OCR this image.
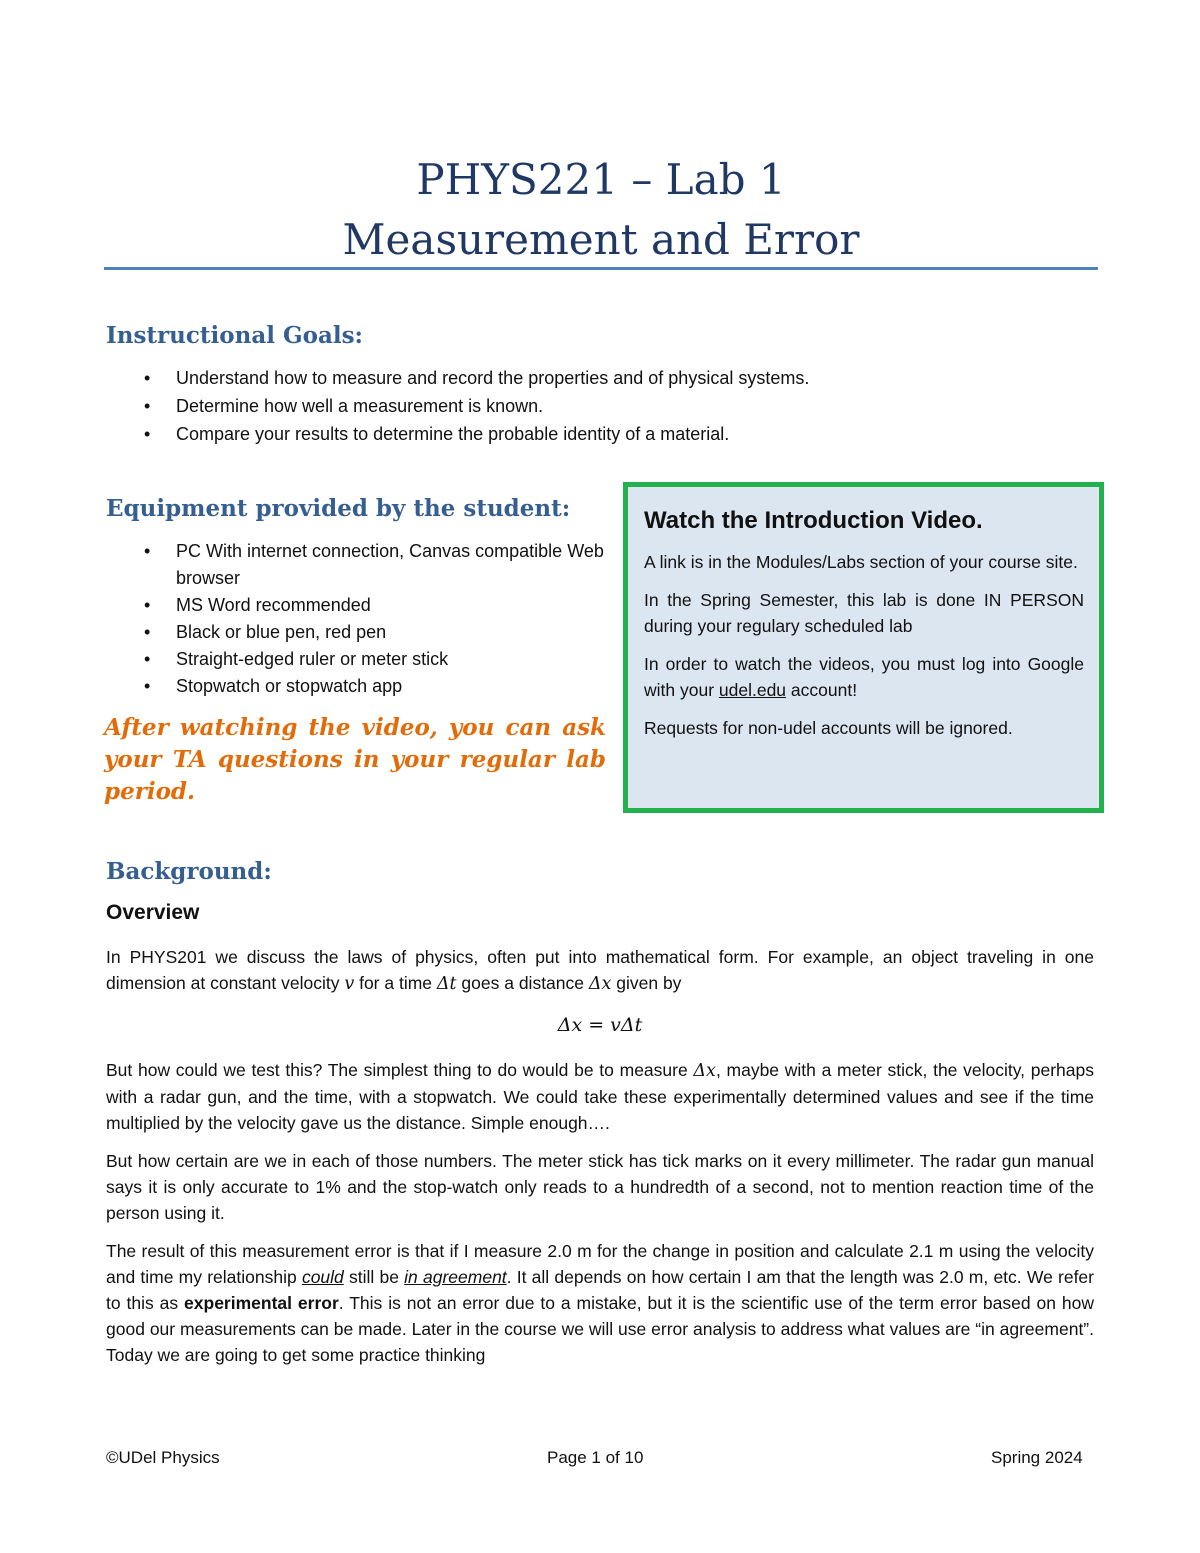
PHYS221 – Lab 1
Measurement and Error
Instructional Goals:
• Understand how to measure and record the properties and of physical systems.
• Determine how well a measurement is known.
• Compare your results to determine the probable identity of a material.
Equipment provided by the student:
• PC With internet connection, Canvas compatible Web browser
• MS Word recommended
• Black or blue pen, red pen
• Straight-edged ruler or meter stick
• Stopwatch or stopwatch app
After watching the video, you can ask your TA questions in your regular lab period.
Watch the Introduction Video.

A link is in the Modules/Labs section of your course site.

In the Spring Semester, this lab is done IN PERSON during your regulary scheduled lab

In order to watch the videos, you must log into Google with your udel.edu account!

Requests for non-udel accounts will be ignored.

Background:
Overview

In PHYS201 we discuss the laws of physics, often put into mathematical form. For example, an object traveling in one dimension at constant velocity v for a time Δt goes a distance Δx given by

Δx = vΔt

But how could we test this? The simplest thing to do would be to measure Δx, maybe with a meter stick, the velocity, perhaps with a radar gun, and the time, with a stopwatch. We could take these experimentally determined values and see if the time multiplied by the velocity gave us the distance. Simple enough….

But how certain are we in each of those numbers. The meter stick has tick marks on it every millimeter. The radar gun manual says it is only accurate to 1% and the stop-watch only reads to a hundredth of a second, not to mention reaction time of the person using it.

The result of this measurement error is that if I measure 2.0 m for the change in position and calculate 2.1 m using the velocity and time my relationship could still be in agreement. It all depends on how certain I am that the length was 2.0 m, etc. We refer to this as experimental error. This is not an error due to a mistake, but it is the scientific use of the term error based on how good our measurements can be made. Later in the course we will use error analysis to address what values are “in agreement”. Today we are going to get some practice thinking

©UDel Physics	Page 1 of 10	Spring 2024
